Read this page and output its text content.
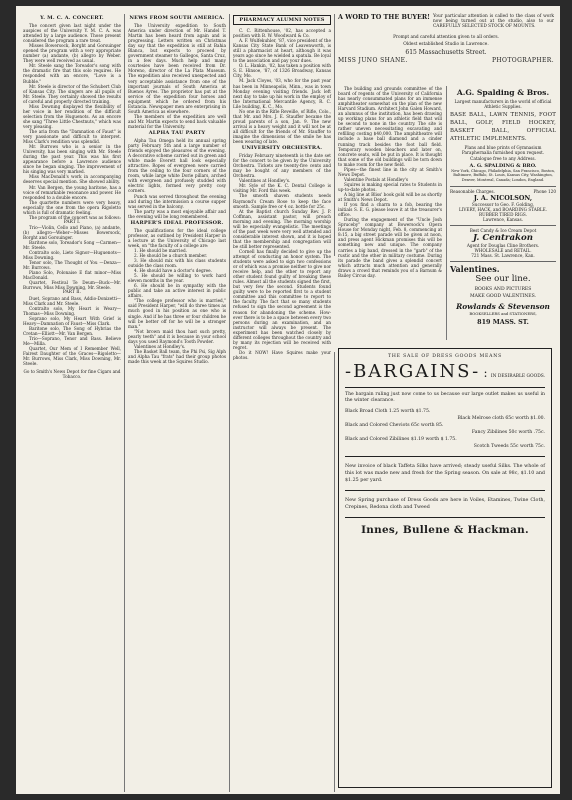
Y. M. C. A. CONCERT.

The concert given last night under the auspices of the University Y. M. C. A. was attended by a large audience. Those present considered the program a rare treat.

Misses Bowersock, Borght and Gorsuinger opened the program with a very appropriate number (a) andante, (b) allegro by Weber. They were well received as usual.

Mr. Steele sang the Toreador's song with the dramatic fire that this solo requires. He responded with an encore, "Love is a Bubble."

Mr. Steele is director of the Schubert Club of Kansas City. The singers are all pupils of Mr. Steele. They certainly showed the results of careful and properly directed training.

Miss Downing displayed the flexibility of her voice in her rendition of the difficult selection from the Huguenots. As an encore she sang "Three Little Chestnuts," which was very pleasing.

The aria from the "Damnation of Faust" is very passionate and difficult to interpret. Miss Clark's rendition was splendid.

Mr. Burrows who is a senior in the University, has been singing with Mr. Steele during the past year. This was his first appearance before a Lawrence audience since he began singing. The improvement of his singing was very marked.

Miss MacDonald's work in accompanying deserves special mention. She showed ability.

Mr. Van Bergen, the young baritone, has a voice of remarkable resonance and power. He responded to a double encore.

The quartette numbers were very heavy, especially the one from the opera Rigoletto which is full of dramatic feeling.

The program of the concert was as follows:

PART I.

Trio—Violin, Cello and Piano, (a) andante, (b) allegro—Weber—Misses Bowersock, Borght and Gorsuinger.

Baritone solo, Toreador's Song —Carmen—Mr. Steele.

Contralto solo, Lieto Signor—Huguenots—Miss Downing.

Tenor solo, The Thought of You —Denza—Mr. Burrows.

Piano Solo, Polonaise E flat minor—Miss MacDonald.

Quartet, Festival Te Deum—Buck—Mr. Burrows, Miss Miss Downing, Mr. Steele.

PART II.

Duet, Soprano and Bass, Addio-Donizetti—Miss Clark and Mr. Steele.

Contralto solo, My Heart is Weary—Thomas—Miss Downing.

Soprano solo, My Heart With Grief is Heavy—Damnation of Faust—Miss Clark.

Baritone solo, The Song of Hybrias the Cretan—Elliott—Mr. Van Bergen.

Trio—Soprano, Tenor and Bass. Believe Me—Milla.

Quartet, Our Mem of I Remember Well, Fairest Daughter of the Graces—Rigoletto—Mr. Burrows, Miss Clark, Miss Downing, Mr. Steele.

Go to Smith's News Depot for fine Cigars and Tobacco.

NEWS FROM SOUTH AMERICA.

The University expedition to South America under direction of Mr. Handel T. Martin has been heard from again and is progressing. Letters written on Christmas day say that the expedition is still at Bahia Blanca, but expects to proceed by government steamer to Gallegos, Santa Cruz, in a few days. Much help and many courtesies have been received from Dr. Moreno, director of the La Plata Museum. The expedition also received unexpected and very acceptable assistance from one of the important journals of South America at Buenos Ayres. The proprietor has put at the service of the expedition four horses and equipment which he ordered from his Estancia. Newspaper men are enterprising in South America as elsewhere.

The members of the expedition are well and Mr. Martin expects to send back valuable material for the University.

ALPHA TAU PARTY

Alpha Tau Omega held its annual spring party February 5th and a large number of friends enjoyed the pleasures of the evening. A decorative scheme carried out in green and white made Everett hall look especially attractive. Ropes of evergreen were carried from the ceiling to the four corners of the room, while large white Dorie pillars, arched with evergreen and profusely studded with electric lights, formed very pretty cosy corners.

Punch was served throughout the evening and during the intermission a course supper was served in the balcony.

The party was a most enjoyable affair and the evening will be long remembered.

HARPER'S IDEAL PROFESSOR.

The qualifications for the ideal college professor, as outlined by President Harper in a lecture at the University of Chicago last week, on "the faculty of a college are:

1. He should be married.

2. He should be a church member.

3. He should mix with his class students outside the class room.

4. He should have a doctor's degree.

5. He should be willing to work hard eleven months in the year.

6. He should be in sympathy with the public and take an active interest in public affairs.

"The college professor who is married," said President Harper, "will do three times as much good in his position as one who is single. And if he has three or four children he will be better off for he will be a stronger man."

"Not brown maid thou hast such pretty, pearly teeth" and it is because in your school days you used Raymond's Tooth Powder.

Valentines at Hondley's.

The Basket Ball team, the Phi Psi, Sig Alph and Alpha Tau "frats" had their group photos made this week at the Squires Studio.

PHARMACY ALUMNI NOTES

C. C. Rittenhouse, '02, has accepted a position with B. W. Woodward & Co.

A. F. Wulfekuhler, '87, vice president of the Kansas City State Bank of Leavenworth, is still a pharmacist at heart, although it was years ago since he wielded a spatula. Be loyal to the association and pay your dues.

O. L. Hankin, '02, has taken a position with S. E. Hinsoe, '87, of 1326 Broadway, Kansas City, Mo.

M. Jack Cloyes, '03, who for the past year has been in Minneapolis, Minn., was in town Monday evening visiting friends. Jack left next day to take up his work in the employ of the International Mercantile Agency, R. C. Lile building, K. C., Mo.

No one in the Rifle Reveille, of Rifle, Colo., that Mr. and Mrs. J. E. Stauffer became the proud parents of a son, Jan. 9. The new arrival is a heavy weight and it will not be at all difficult for the friends of Mr. Stauffer to imagine the dimensions of the smile he has been wearing of late.

UNIVERSITY ORCHESTRA.

Friday February nineteenth is the date set for the concert to be given by the University Orchestra. Tickets are twenty-five cents and may be bought of any members of the Orchestra.

Valentines at Hondley's.

Mr. Syle of the K. C. Dental College is visiting Mr. Ford this week.

The smooth shaven students needs Raymond's Cream Rose to keep the face smooth. Sample free or 4 oz. bottle for 25c.

At the Baptist church Sunday Rev. J. P. Coffman, assistant pastor, will preach morning and evening. The morning worship will be especially evangelistic. The meetings of the past week were very well attended and considerable interest shown, and it is hoped that the membership and congregation will be still better represented.

Cornell has finally decided to give up the attempt of conducting an honor system. The students were asked to sign two confessions or of which was a promise neither to give nor receive help, and the other to report any other student found guilty of breaking these rules. Almost all the students signed the first, but very few the second. Students found guilty were to be reported first to a student committee and this committee to report to the faculty. The fact that so many students refused to sign the second agreement is the reason for abandoning the scheme. How- ever there is to be a space between every two persons during an examination, and an instructor will always be present. The experiment has been watched closely by different colleges throughout the country and by many its rejection will be received with regret.

Do it NOW! Have Squires make your photos.

A WORD TO THE BUYER! Your particular attention is called to the class of work now being turned out at the studio, also to our CAREFULLY SELECTED STOCK OF MOUNTS.
Prompt and careful attention given to all orders.
Oldest established Studio in Lawrence.
615 Massachusetts Street.
MISS JUNO SHANE.	PHOTOGRAPHER.

The building and grounds committee of the board of regents of the University of California has nearly consummated plans for an immense amphitheater somewhat on the plan of the new Harvard Stadium. Architect John Galen Howard, an alumnus of the institution, has been drawing up working plans for an athletic field that will be second to none in the country. The site is rather uneven necessitating excavating and refilling costing $40,000. The amphitheatre will include a base ball diamond and a cinder running track besides the foot ball field. Temporary wooden bleachers and later on, concrete seats, will be put in place. It is thought that some of the old buildings will be torn down to make room for the new field.

Pipes—the finest line in the city at Smith's News Depot.

Valentine Postals at Hondley's

Squires is making special rates to Students in up-to-date photos.

A big line at Bliss' book gold will be as shortly at Smith's News Depot.

If you find a charm to a fob, bearing the initials S. E. G. please leave it at the treasurer's office.

During the engagement of the "Uncle Josh Spruceby" company at Bowersock's Opera House for Monday night, Feb. 8, commencing at 8:15, a big street parade will be given at noon, and press agent Hickman promises this will be something new and unique. The company carries a big band, dressed in the "garb" of the rustic and the other in military costume. During its parade the band gives a splendid concert which attracts much attention and generally draws a crowd that reminds you of a Barnum & Bailey Circus day.

A.G. Spalding & Bros.
Largest manufacturers in the world of official Athletic Supplies.
BASE BALL, LAWN TENNIS, FOOT BALL, GOLF, FIELD HOCKEY, BASKET BALL, OFFICIAL ATHLETIC IMPLEMENTS.
Plans and blue prints of Gymnasium Paraphernalia furnished upon request.
Catalogue free to any Address.
A. G. SPALDING & BRO.
New York, Chicago, Philadelphia, San Francisco, Boston, Baltimore, Buffalo, St. Louis, Kansas City, Washington, Denver, Montreal, Canada; London, England.
Reasonable Charges.	Phone 120
J. A. NICOLSON,
Successor to Geo. F. Golding,
LIVERY, HACK, and BOARDING STABLE.
RUBBER TIRED RIGS.
Lawrence, Kansas.
Best Candy & Ice Cream Depot
J. Centrakon
Agent for Douglas Cline Brothers.
WHOLESALE and RETAIL.
721 Mass. St. Lawrence, Kan.
Valentines.
See our line.
BOOKS AND PICTURES
MAKE GOOD VALENTINES.
Rowlands & Stevenson
BOOKSELLERS and STATIONERS,
819 MASS. ST.
THE SALE OF DRESS GOODS MEANS
-BARGAINS- : IN DESIRABLE GOODS.
The bargain ruling just now come to us because our large outlet makes us useful in the winter clearance.
Black Broad Cloth 1.25 worth $1.75.
Black Melrose cloth 65c worth $1.00.
Black and Colored Cheviots 65c worth 85.
Fancy Zibilines 50c worth .75c.
Black and Colored Zibilines $1.19 worth $ 1.75.
Scotch Tweeds 55c worth 75c.
New invoice of black Taffeta Silks have arrived; steady useful Silks. The whole of this lot was made new and fresh for the Spring season. On sale at 98c, $1.10 and $1.25 per yard.
New Spring purchase of Dress Goods are here in Voiles, Etamines, Twine Cloth, Crepines, Redona cloth and Tweed
Innes, Bullene & Hackman.
